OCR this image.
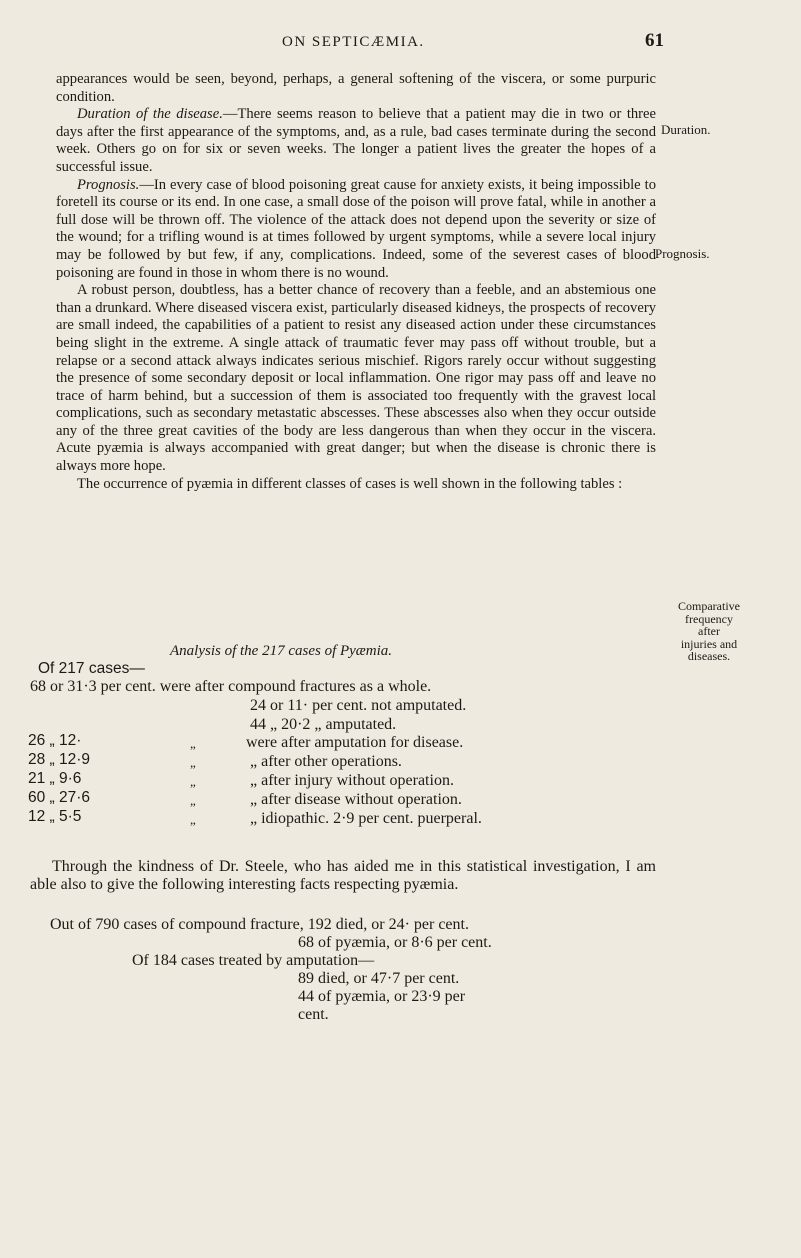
ON SEPTICÆMIA.	61

appearances would be seen, beyond, perhaps, a general softening of the viscera, or some purpuric condition.

Duration of the disease.—There seems reason to believe that a patient may die in two or three days after the first appearance of the symptoms, and, as a rule, bad cases terminate during the second week. Others go on for six or seven weeks. The longer a patient lives the greater the hopes of a successful issue.

Prognosis.—In every case of blood poisoning great cause for anxiety exists, it being impossible to foretell its course or its end. In one case, a small dose of the poison will prove fatal, while in another a full dose will be thrown off. The violence of the attack does not depend upon the severity or size of the wound; for a trifling wound is at times followed by urgent symptoms, while a severe local injury may be followed by but few, if any, complications. Indeed, some of the severest cases of blood poisoning are found in those in whom there is no wound.

A robust person, doubtless, has a better chance of recovery than a feeble, and an abstemious one than a drunkard. Where diseased viscera exist, particularly diseased kidneys, the prospects of recovery are small indeed, the capabilities of a patient to resist any diseased action under these circumstances being slight in the extreme. A single attack of traumatic fever may pass off without trouble, but a relapse or a second attack always indicates serious mischief. Rigors rarely occur without suggesting the presence of some secondary deposit or local inflammation. One rigor may pass off and leave no trace of harm behind, but a succession of them is associated too frequently with the gravest local complications, such as secondary metastatic abscesses. These abscesses also when they occur outside any of the three great cavities of the body are less dangerous than when they occur in the viscera. Acute pyæmia is always accompanied with great danger; but when the disease is chronic there is always more hope.

The occurrence of pyæmia in different classes of cases is well shown in the following tables :

Duration.
Prognosis.
Comparative
frequency
after
injuries and
diseases.
Analysis of the 217 cases of Pyæmia.
Of 217 cases—
68 or 31·3 per cent. were after compound fractures as a whole.
24 or 11· per cent. not amputated.
44 „ 20·2 „ amputated.
26 „ 12·
28 „ 12·9
21 „ 9·6
60 „ 27·6
12 „ 5·5
„
„
„
„
„
were after amputation for disease.
„ after other operations.
„ after injury without operation.
„ after disease without operation.
„ idiopathic. 2·9 per cent. puerperal.

Through the kindness of Dr. Steele, who has aided me in this statistical investigation, I am able also to give the following interesting facts respecting pyæmia.

Out of 790 cases of compound fracture, 192 died, or 24· per cent.
68 of pyæmia, or 8·6 per cent.
Of 184 cases treated by amputation—
89 died, or 47·7 per cent.
44 of pyæmia, or 23·9 per
cent.
